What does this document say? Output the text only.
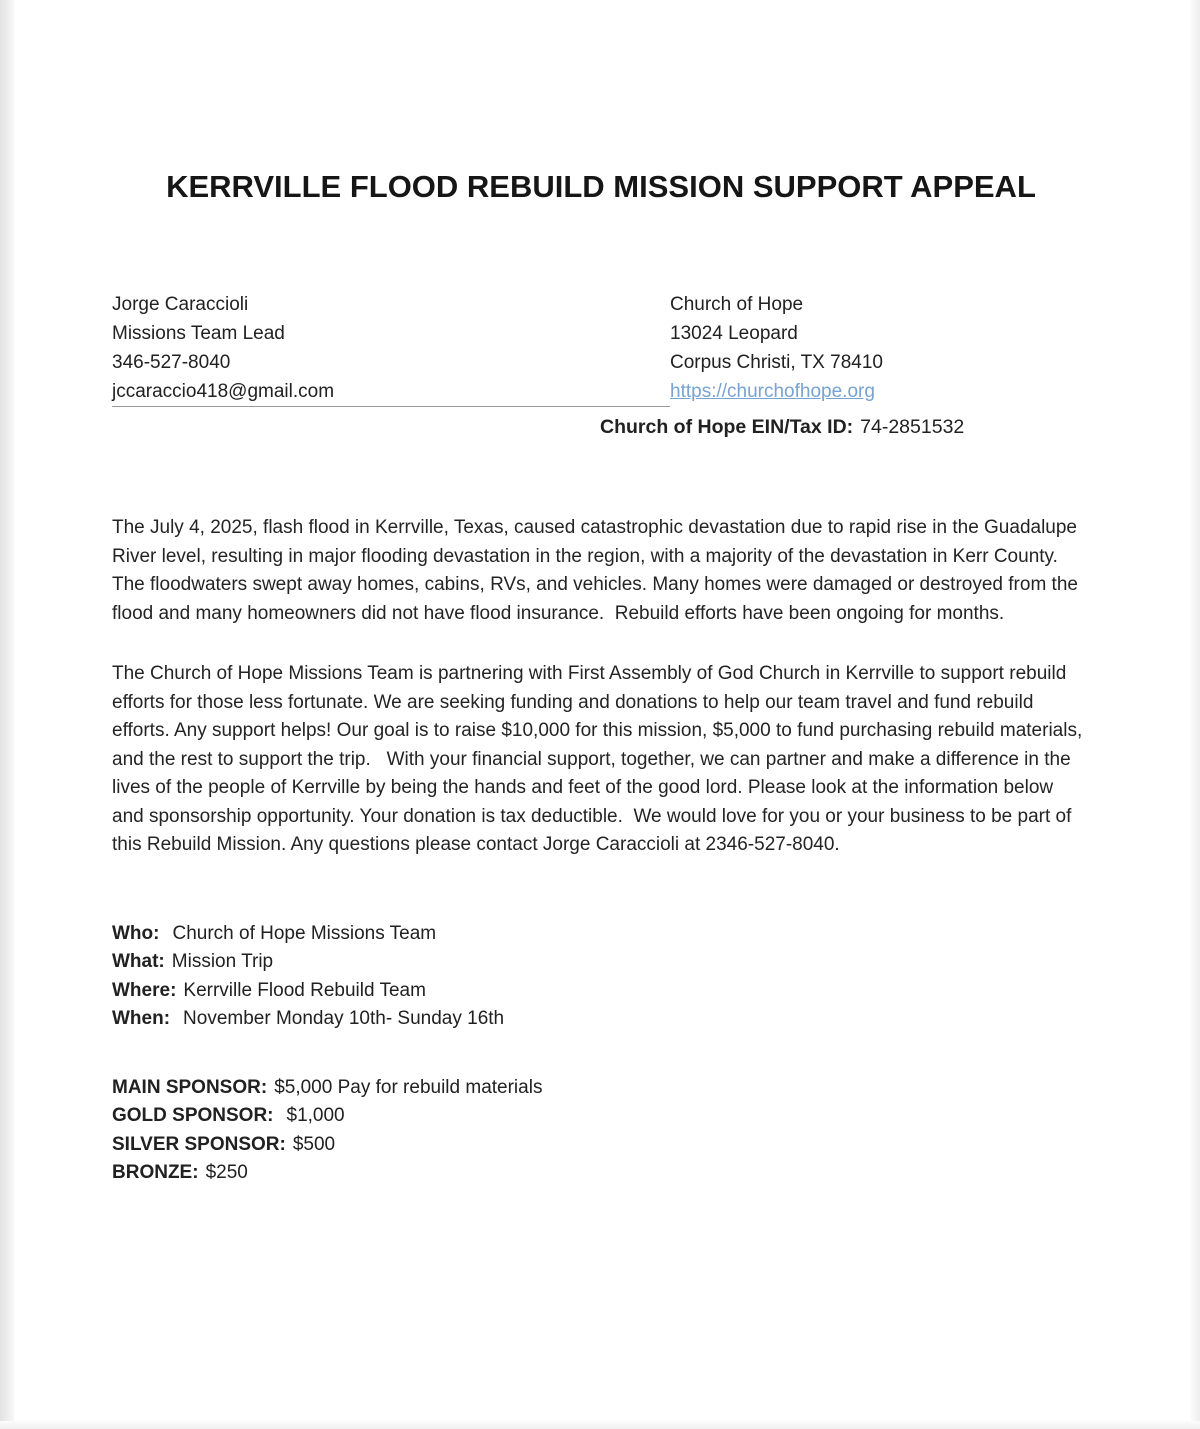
KERRVILLE FLOOD REBUILD MISSION SUPPORT APPEAL
Jorge Caraccioli	Church of Hope
Missions Team Lead	13024 Leopard
346-527-8040	Corpus Christi, TX 78410
jccaraccio418@gmail.com	https://churchofhope.org
Church of Hope EIN/Tax ID: 74-2851532

The July 4, 2025, flash flood in Kerrville, Texas, caused catastrophic devastation due to rapid rise in the Guadalupe River level, resulting in major flooding devastation in the region, with a majority of the devastation in Kerr County. The floodwaters swept away homes, cabins, RVs, and vehicles. Many homes were damaged or destroyed from the flood and many homeowners did not have flood insurance.  Rebuild efforts have been ongoing for months.

The Church of Hope Missions Team is partnering with First Assembly of God Church in Kerrville to support rebuild efforts for those less fortunate. We are seeking funding and donations to help our team travel and fund rebuild efforts. Any support helps! Our goal is to raise $10,000 for this mission, $5,000 to fund purchasing rebuild materials, and the rest to support the trip.   With your financial support, together, we can partner and make a difference in the lives of the people of Kerrville by being the hands and feet of the good lord. Please look at the information below and sponsorship opportunity. Your donation is tax deductible.  We would love for you or your business to be part of this Rebuild Mission. Any questions please contact Jorge Caraccioli at 2346-527-8040.

Who: Church of Hope Missions Team
What: Mission Trip
Where: Kerrville Flood Rebuild Team
When: November Monday 10th- Sunday 16th
MAIN SPONSOR: $5,000 Pay for rebuild materials
GOLD SPONSOR: $1,000
SILVER SPONSOR: $500
BRONZE: $250
